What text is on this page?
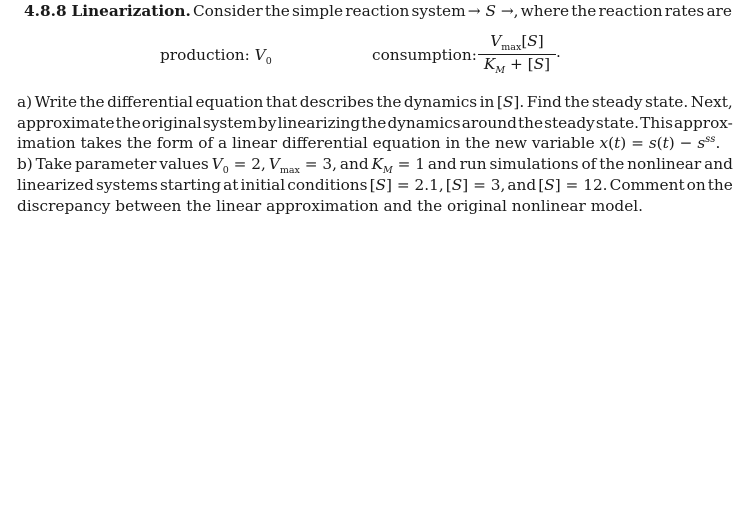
4.8.8 Linearization. Consider the simple reaction system → S →, where the reaction rates are
production: $V_0$	consumption:
$V_{max}[S]$
$K_M + [S]$
.
a) Write the differential equation that describes the dynamics in [S]. Find the steady state. Next,
approximate the original system by linearizing the dynamics around the steady state. This approx-
imation takes the form of a linear differential equation in the new variable $x(t) = s(t) - s^{ss}$.
b) Take parameter values $V_0 = 2$, $V_{max} = 3$, and $K_M = 1$ and run simulations of the nonlinear and
linearized systems starting at initial conditions [S] = 2.1, [S] = 3, and [S] = 12. Comment on the
discrepancy between the linear approximation and the original nonlinear model.
